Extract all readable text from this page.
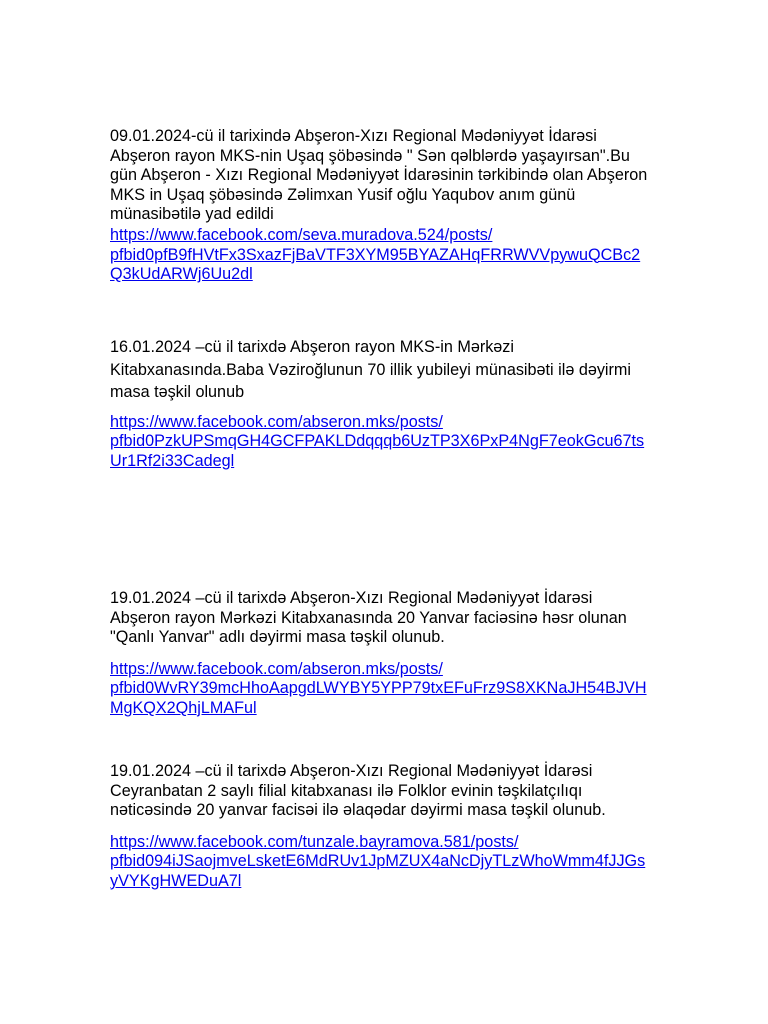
09.01.2024-cü il tarixində Abşeron-Xızı Regional Mədəniyyət İdarəsi
Abşeron rayon MKS-nin Uşaq şöbəsində " Sən qəlblərdə yaşayırsan".Bu
gün Abşeron - Xızı Regional Mədəniyyət İdarəsinin tərkibində olan Abşeron
MKS in Uşaq şöbəsində Zəlimxan Yusif oğlu Yaqubov anım günü
münasibətilə yad edildi

https://www.facebook.com/seva.muradova.524/posts/
pfbid0pfB9fHVtFx3SxazFjBaVTF3XYM95BYAZAHqFRRWVVpywuQCBc2
Q3kUdARWj6Uu2dl

16.01.2024 –cü il tarixdə Abşeron rayon MKS-in Mərkəzi
Kitabxanasında.Baba Vəziroğlunun 70 illik yubileyi münasibəti ilə dəyirmi
masa təşkil olunub

https://www.facebook.com/abseron.mks/posts/
pfbid0PzkUPSmqGH4GCFPAKLDdqqqb6UzTP3X6PxP4NgF7eokGcu67ts
Ur1Rf2i33Cadegl

19.01.2024 –cü il tarixdə Abşeron-Xızı Regional Mədəniyyət İdarəsi
Abşeron rayon Mərkəzi Kitabxanasında 20 Yanvar faciəsinə həsr olunan
"Qanlı Yanvar" adlı dəyirmi masa təşkil olunub.

https://www.facebook.com/abseron.mks/posts/
pfbid0WvRY39mcHhoAapgdLWYBY5YPP79txEFuFrz9S8XKNaJH54BJVH
MgKQX2QhjLMAFul

19.01.2024 –cü il tarixdə Abşeron-Xızı Regional Mədəniyyət İdarəsi
Ceyranbatan 2 saylı filial kitabxanası ilə Folklor evinin təşkilatçılıqı
nəticəsində 20 yanvar facisəi ilə əlaqədar dəyirmi masa təşkil olunub.

https://www.facebook.com/tunzale.bayramova.581/posts/
pfbid094iJSaojmveLsketE6MdRUv1JpMZUX4aNcDjyTLzWhoWmm4fJJGs
yVYKgHWEDuA7l
